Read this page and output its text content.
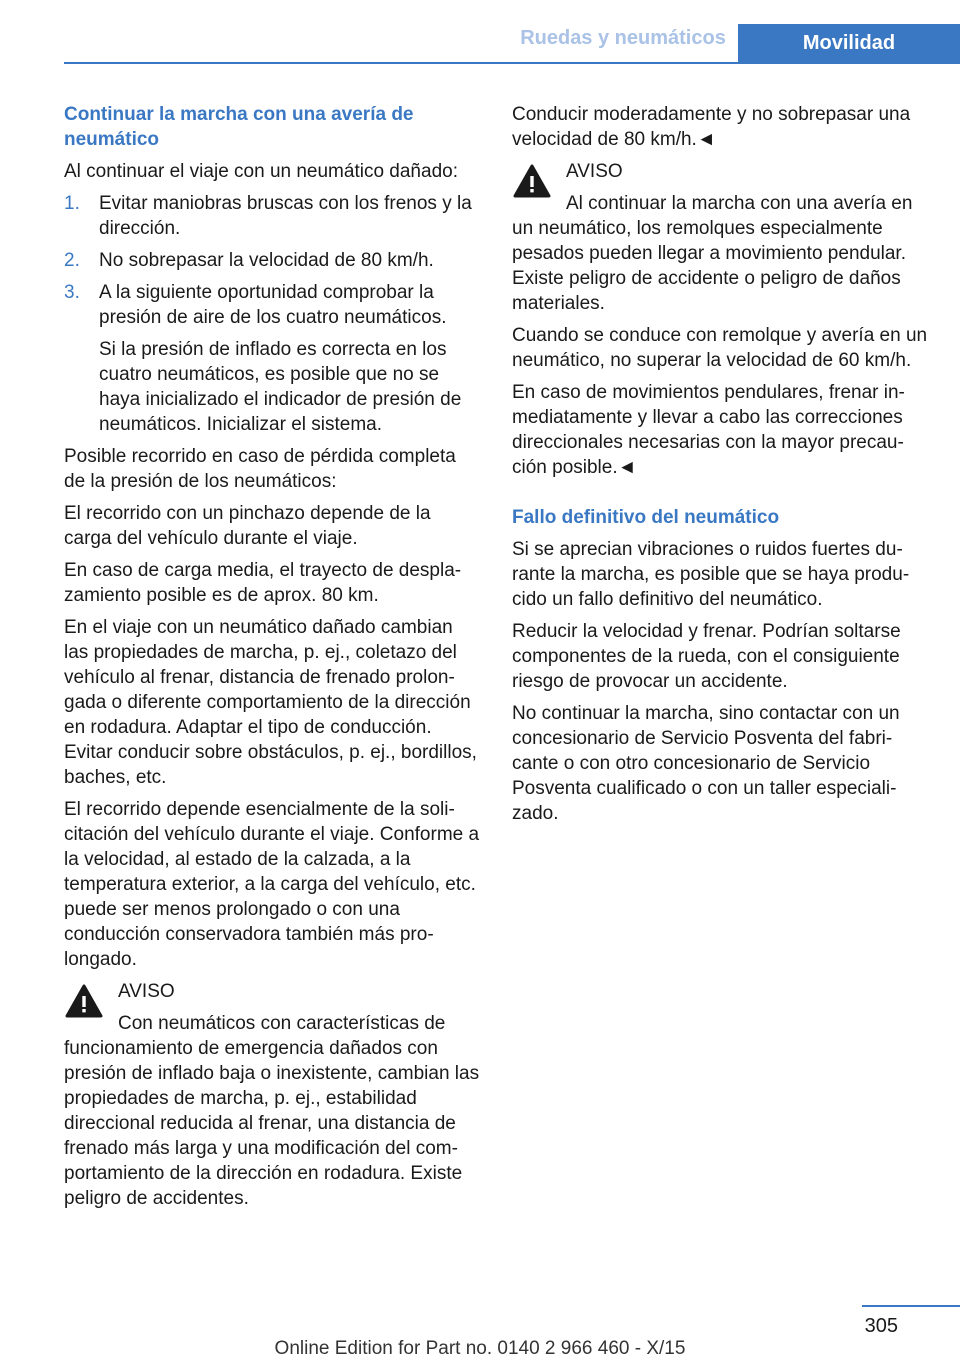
Ruedas y neumáticos	Movilidad

Continuar la marcha con una avería de neumático

Al continuar el viaje con un neumático dañado:

1. Evitar maniobras bruscas con los frenos y la dirección.
2. No sobrepasar la velocidad de 80 km/h.
3. A la siguiente oportunidad comprobar la presión de aire de los cuatro neumáticos.

Si la presión de inflado es correcta en los cuatro neumáticos, es posible que no se haya inicializado el indicador de presión de neumáticos. Inicializar el sistema.

Posible recorrido en caso de pérdida completa de la presión de los neumáticos:

El recorrido con un pinchazo depende de la carga del vehículo durante el viaje.

En caso de carga media, el trayecto de desplazamiento posible es de aprox. 80 km.

En el viaje con un neumático dañado cambian las propiedades de marcha, p. ej., coletazo del vehículo al frenar, distancia de frenado prolongada o diferente comportamiento de la dirección en rodadura. Adaptar el tipo de conducción. Evitar conducir sobre obstáculos, p. ej., bordillos, baches, etc.

El recorrido depende esencialmente de la solicitación del vehículo durante el viaje. Conforme a la velocidad, al estado de la calzada, a la temperatura exterior, a la carga del vehículo, etc. puede ser menos prolongado o con una conducción conservadora también más prolongado.

AVISO

Con neumáticos con características de

funcionamiento de emergencia dañados con presión de inflado baja o inexistente, cambian las propiedades de marcha, p. ej., estabilidad direccional reducida al frenar, una distancia de frenado más larga y una modificación del comportamiento de la dirección en rodadura. Existe peligro de accidentes.

Conducir moderadamente y no sobrepasar una velocidad de 80 km/h.◄

AVISO

Al continuar la marcha con una avería en

un neumático, los remolques especialmente pesados pueden llegar a movimiento pendular. Existe peligro de accidente o peligro de daños materiales.

Cuando se conduce con remolque y avería en un neumático, no superar la velocidad de 60 km/h.

En caso de movimientos pendulares, frenar inmediatamente y llevar a cabo las correcciones direccionales necesarias con la mayor precaución posible.◄

Fallo definitivo del neumático

Si se aprecian vibraciones o ruidos fuertes durante la marcha, es posible que se haya producido un fallo definitivo del neumático.

Reducir la velocidad y frenar. Podrían soltarse componentes de la rueda, con el consiguiente riesgo de provocar un accidente.

No continuar la marcha, sino contactar con un concesionario de Servicio Posventa del fabricante o con otro concesionario de Servicio Posventa cualificado o con un taller especializado.

305
Online Edition for Part no. 0140 2 966 460 - X/15
